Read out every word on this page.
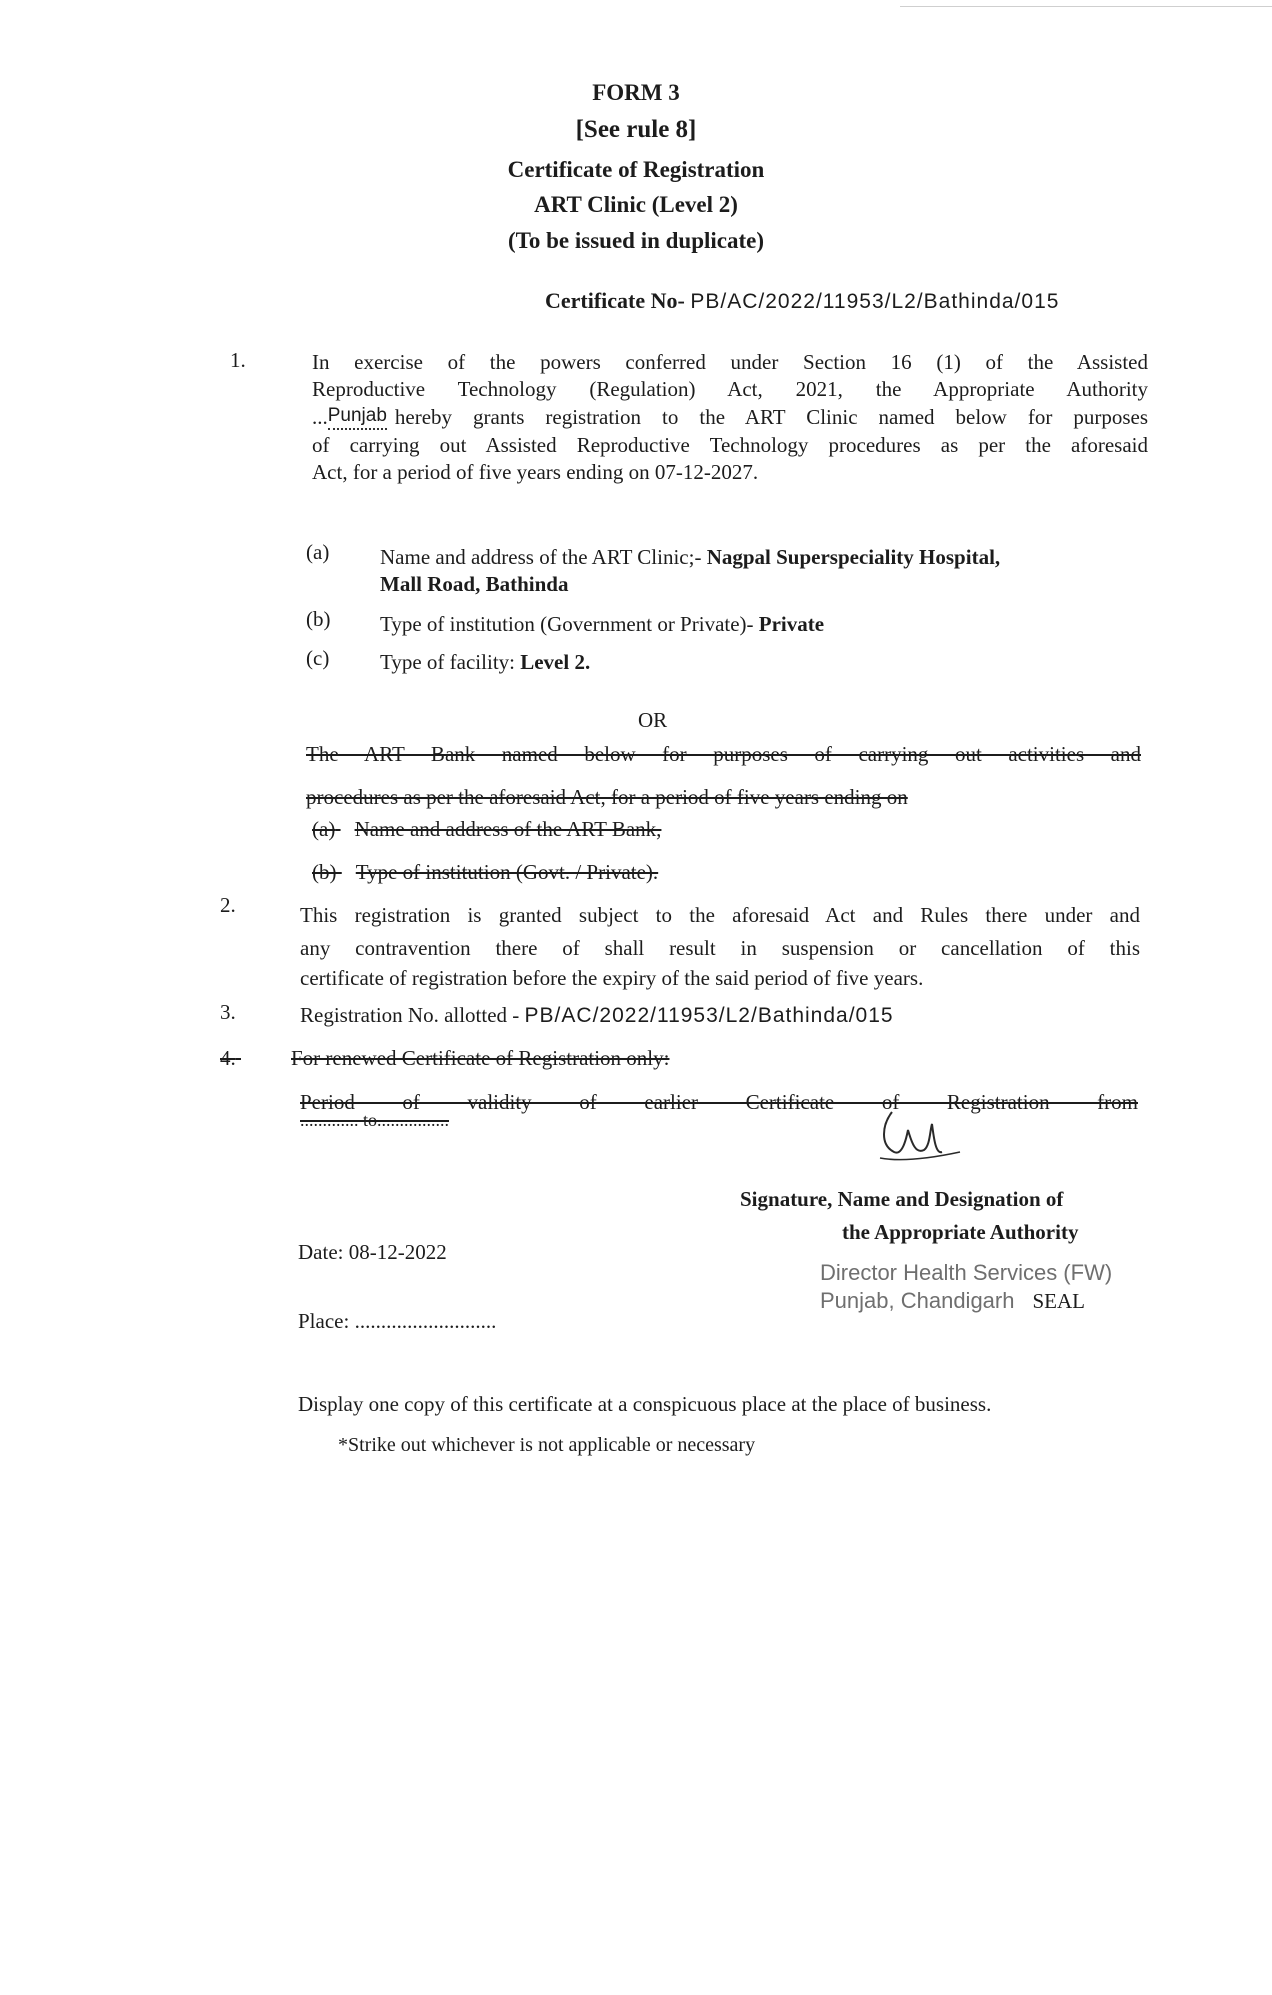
FORM 3
[See rule 8]
Certificate of Registration
ART Clinic (Level 2)
(To be issued in duplicate)
Certificate No- PB/AC/2022/11953/L2/Bathinda/015
1.	In exercise of the powers conferred under Section 16 (1) of the Assisted
Reproductive Technology (Regulation) Act, 2021, the Appropriate Authority
... Punjab hereby grants registration to the ART Clinic named below for purposes
of carrying out Assisted Reproductive Technology procedures as per the aforesaid
Act, for a period of five years ending on 07-12-2027.
(a) Name and address of the ART Clinic;- Nagpal Superspeciality Hospital,
Mall Road, Bathinda
(b) Type of institution (Government or Private)- Private
(c) Type of facility: Level 2.
OR
The ART Bank named below for purposes of carrying out activities and
procedures as per the aforesaid Act, for a period of five years ending on
(a) Name and address of the ART Bank,
(b) Type of institution (Govt. / Private).
2.	This registration is granted subject to the aforesaid Act and Rules there under and
any contravention there of shall result in suspension or cancellation of this
certificate of registration before the expiry of the said period of five years.
3.	Registration No. allotted - PB/AC/2022/11953/L2/Bathinda/015
4.	For renewed Certificate of Registration only:
Period of validity of earlier Certificate of Registration from
............. to................
Signature, Name and Designation of
the Appropriate Authority
Date: 08-12-2022
Director Health Services (FW)
Punjab, Chandigarh SEAL
Place: ...........................
Display one copy of this certificate at a conspicuous place at the place of business.
*Strike out whichever is not applicable or necessary
